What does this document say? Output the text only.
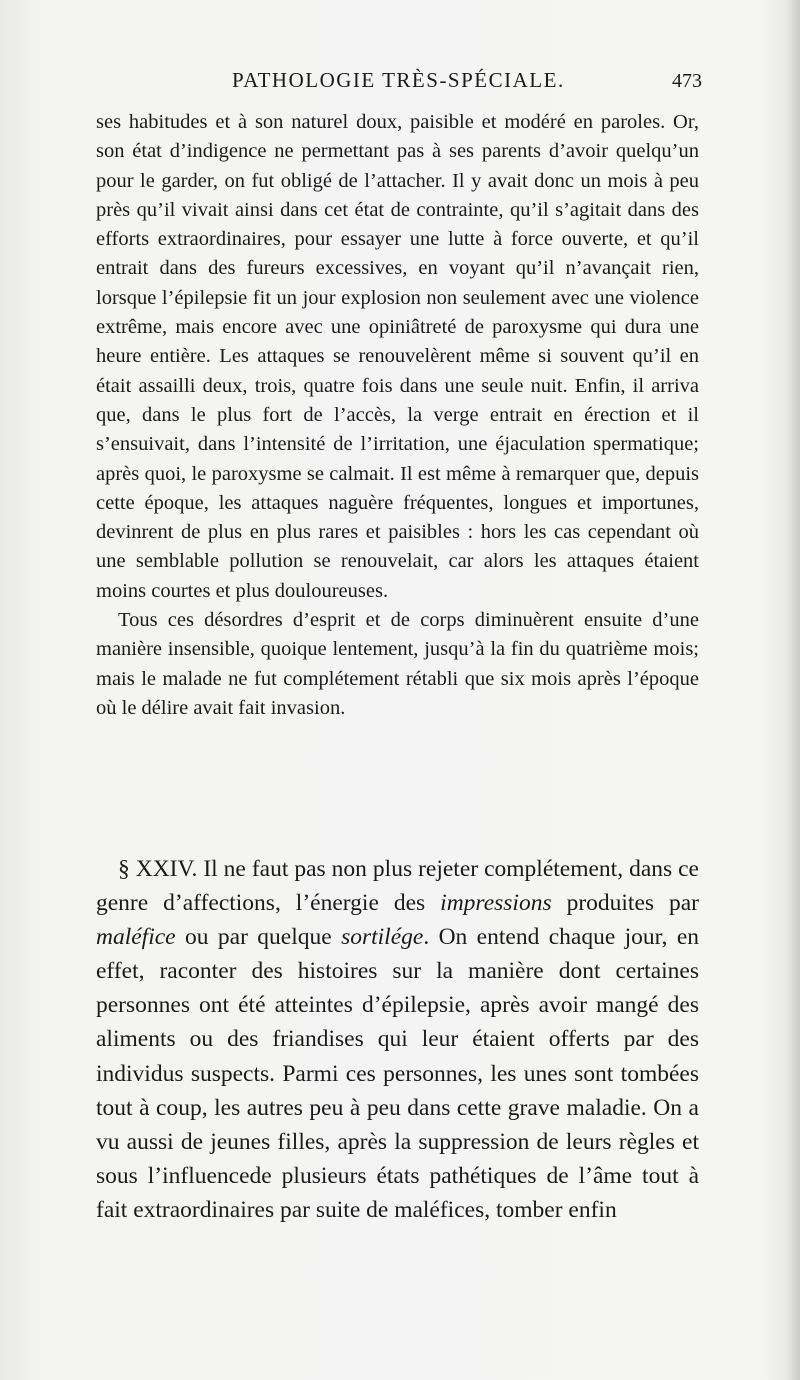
PATHOLOGIE TRÈS-SPÉCIALE.	473

ses habitudes et à son naturel doux, paisible et modéré en paroles. Or, son état d’indigence ne permettant pas à ses parents d’avoir quelqu’un pour le garder, on fut obligé de l’attacher. Il y avait donc un mois à peu près qu’il vivait ainsi dans cet état de contrainte, qu’il s’agitait dans des efforts extraordinaires, pour essayer une lutte à force ouverte, et qu’il entrait dans des fureurs excessives, en voyant qu’il n’avançait rien, lorsque l’épilepsie fit un jour explosion non seulement avec une violence extrême, mais encore avec une opiniâtreté de paroxysme qui dura une heure entière. Les attaques se renouvelèrent même si souvent qu’il en était assailli deux, trois, quatre fois dans une seule nuit. Enfin, il arriva que, dans le plus fort de l’accès, la verge entrait en érection et il s’ensuivait, dans l’intensité de l’irritation, une éjaculation spermatique; après quoi, le paroxysme se calmait. Il est même à remarquer que, depuis cette époque, les attaques naguère fréquentes, longues et importunes, devinrent de plus en plus rares et paisibles : hors les cas cependant où une semblable pollution se renouvelait, car alors les attaques étaient moins courtes et plus douloureuses.

Tous ces désordres d’esprit et de corps diminuèrent ensuite d’une manière insensible, quoique lentement, jusqu’à la fin du quatrième mois; mais le malade ne fut complétement rétabli que six mois après l’époque où le délire avait fait invasion.

§ XXIV. Il ne faut pas non plus rejeter complétement, dans ce genre d’affections, l’énergie des impressions produites par maléfice ou par quelque sortilége. On entend chaque jour, en effet, raconter des histoires sur la manière dont certaines personnes ont été atteintes d’épilepsie, après avoir mangé des aliments ou des friandises qui leur étaient offerts par des individus suspects. Parmi ces personnes, les unes sont tombées tout à coup, les autres peu à peu dans cette grave maladie. On a vu aussi de jeunes filles, après la suppression de leurs règles et sous l’influencede plusieurs états pathétiques de l’âme tout à fait extraordinaires par suite de maléfices, tomber enfin
